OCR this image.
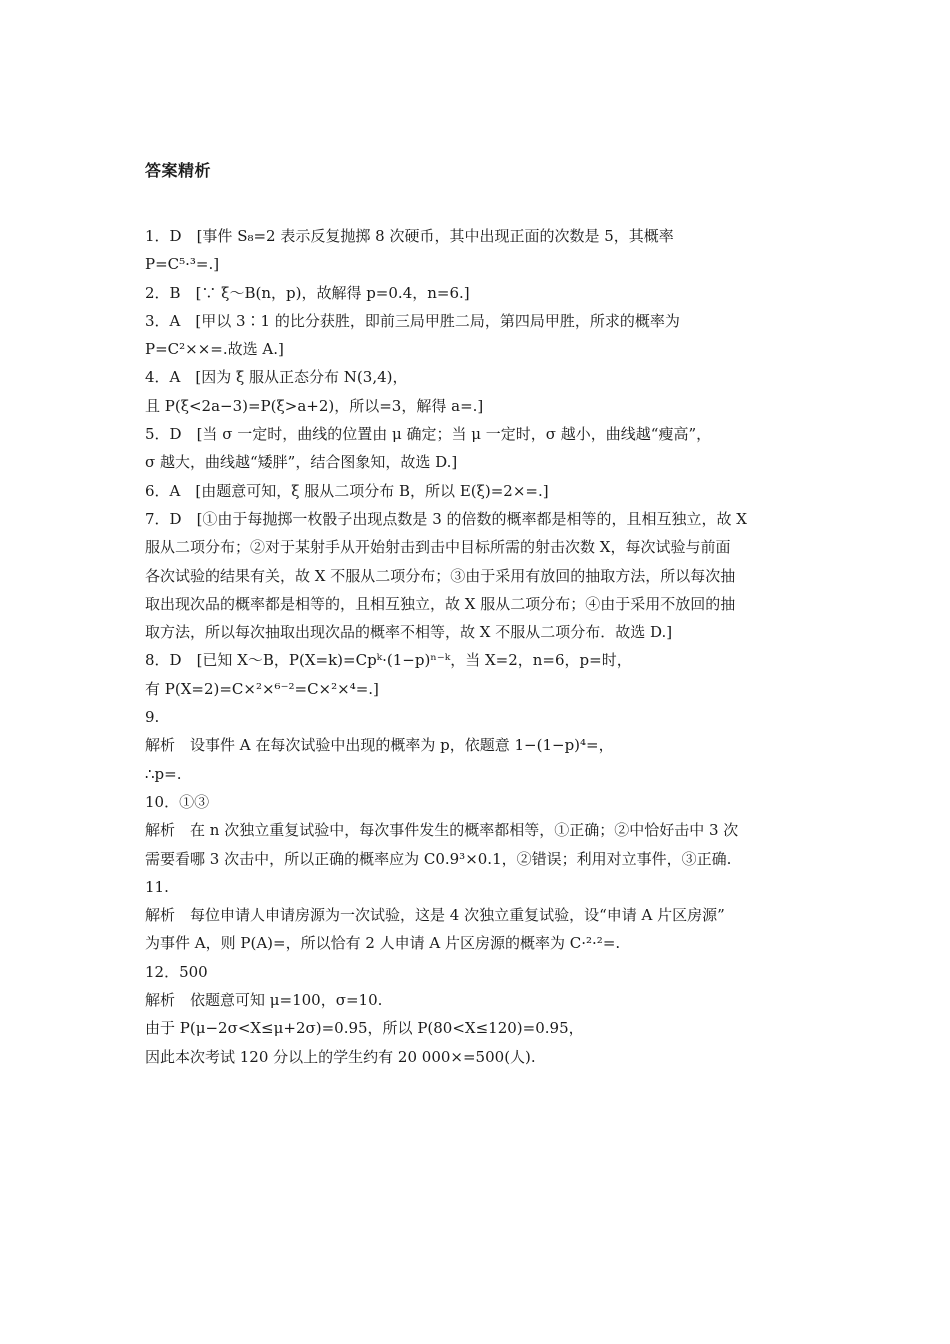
答案精析
1．D　[事件 S₈=2 表示反复抛掷 8 次硬币，其中出现正面的次数是 5，其概率
P=C⁵·³=.]
2．B　[∵ ξ～B(n，p)，故解得 p=0.4，n=6.]
3．A　[甲以 3∶1 的比分获胜，即前三局甲胜二局，第四局甲胜，所求的概率为
P=C²××=.故选 A.]
4．A　[因为 ξ 服从正态分布 N(3,4)，
且 P(ξ<2a−3)=P(ξ>a+2)，所以=3，解得 a=.]
5．D　[当 σ 一定时，曲线的位置由 μ 确定；当 μ 一定时，σ 越小，曲线越“瘦高”，
σ 越大，曲线越“矮胖”，结合图象知，故选 D.]
6．A　[由题意可知，ξ 服从二项分布 B，所以 E(ξ)=2×=.]
7．D　[①由于每抛掷一枚骰子出现点数是 3 的倍数的概率都是相等的，且相互独立，故 X
服从二项分布；②对于某射手从开始射击到击中目标所需的射击次数 X，每次试验与前面
各次试验的结果有关，故 X 不服从二项分布；③由于采用有放回的抽取方法，所以每次抽
取出现次品的概率都是相等的，且相互独立，故 X 服从二项分布；④由于采用不放回的抽
取方法，所以每次抽取出现次品的概率不相等，故 X 不服从二项分布．故选 D.]
8．D　[已知 X～B，P(X=k)=Cpᵏ·(1−p)ⁿ⁻ᵏ，当 X=2，n=6，p=时，
有 P(X=2)=C×²×⁶⁻²=C×²×⁴=.]
9.
解析　设事件 A 在每次试验中出现的概率为 p，依题意 1−(1−p)⁴=，
∴p=.
10．①③
解析　在 n 次独立重复试验中，每次事件发生的概率都相等，①正确；②中恰好击中 3 次
需要看哪 3 次击中，所以正确的概率应为 C0.9³×0.1，②错误；利用对立事件，③正确.
11.
解析　每位申请人申请房源为一次试验，这是 4 次独立重复试验，设“申请 A 片区房源”
为事件 A，则 P(A)=，所以恰有 2 人申请 A 片区房源的概率为 C·²·²=.
12．500
解析　依题意可知 μ=100，σ=10.
由于 P(μ−2σ<X≤μ+2σ)=0.95，所以 P(80<X≤120)=0.95，
因此本次考试 120 分以上的学生约有 20 000×=500(人).
